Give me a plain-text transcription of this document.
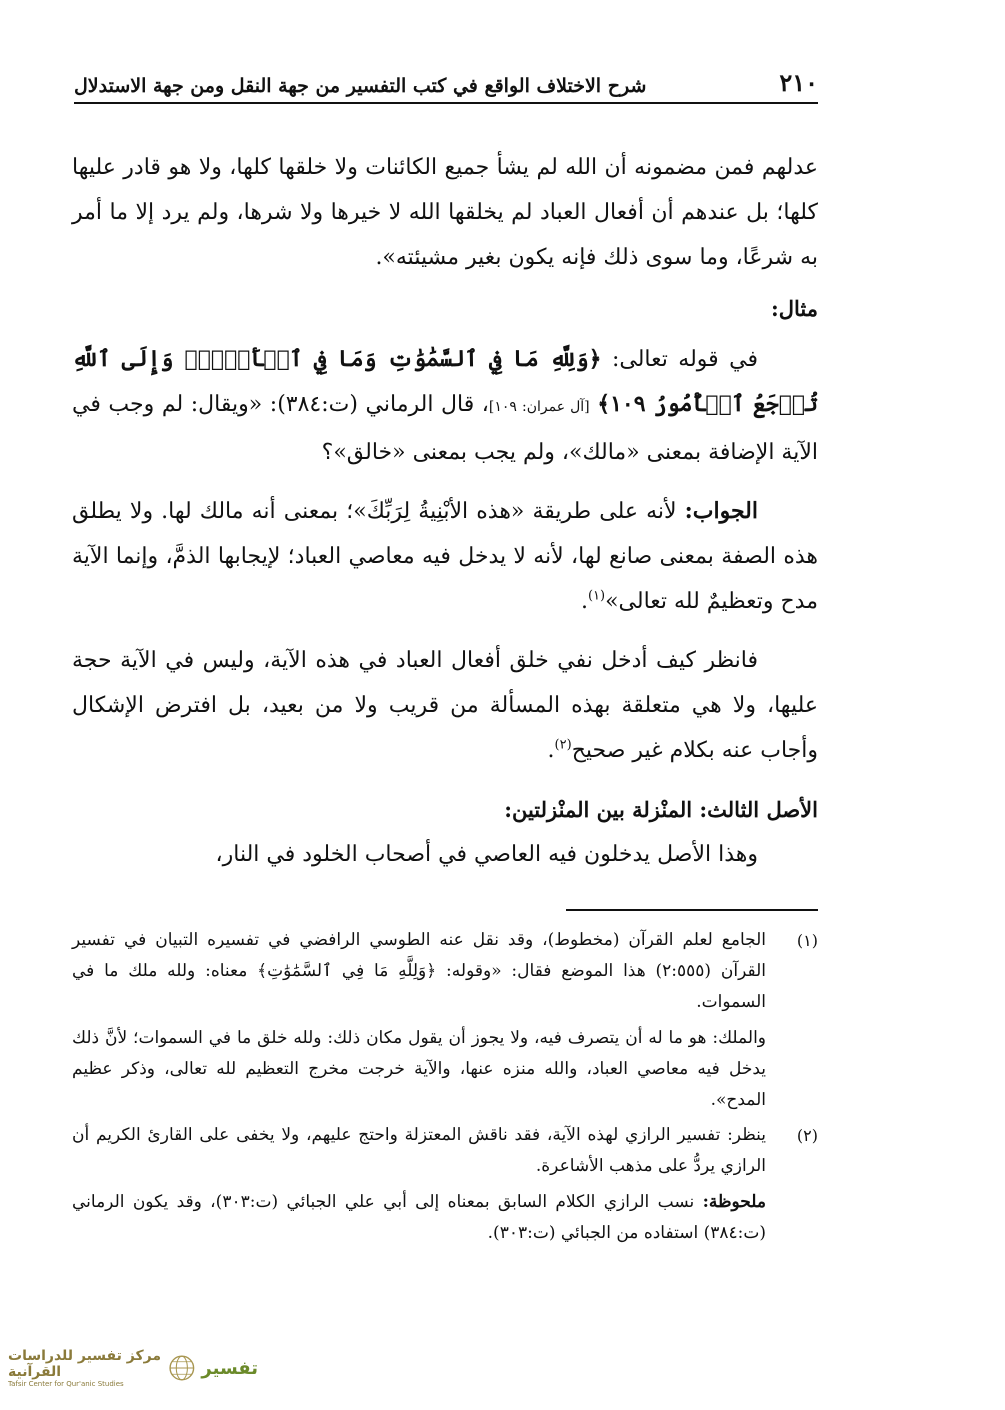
٢١٠
شرح الاختلاف الواقع في كتب التفسير من جهة النقل ومن جهة الاستدلال

عدلهم فمن مضمونه أن الله لم يشأ جميع الكائنات ولا خلقها كلها، ولا هو قادر عليها كلها؛ بل عندهم أن أفعال العباد لم يخلقها الله لا خيرها ولا شرها، ولم يرد إلا ما أمر به شرعًا، وما سوى ذلك فإنه يكون بغير مشيئته».

مثال:

في قوله تعالى: ﴿وَلِلَّهِ مَا فِي ٱلسَّمَٰوَٰتِ وَمَا فِي ٱلۡأَرۡضِۚ وَإِلَى ٱللَّهِ تُرۡجَعُ ٱلۡأُمُورُ ١٠٩﴾ [آل عمران: ١٠٩]، قال الرماني (ت:٣٨٤): «ويقال: لم وجب في الآية الإضافة بمعنى «مالك»، ولم يجب بمعنى «خالق»؟

الجواب: لأنه على طريقة «هذه الأبْنِيةُ لِرَبِّكَ»؛ بمعنى أنه مالك لها. ولا يطلق هذه الصفة بمعنى صانع لها، لأنه لا يدخل فيه معاصي العباد؛ لإيجابها الذمَّ، وإنما الآية مدح وتعظيمٌ لله تعالى»$^{(١)}$.

فانظر كيف أدخل نفي خلق أفعال العباد في هذه الآية، وليس في الآية حجة عليها، ولا هي متعلقة بهذه المسألة من قريب ولا من بعيد، بل افترض الإشكال وأجاب عنه بكلام غير صحيح$^{(٢)}$.

الأصل الثالث: المنْزلة بين المنْزلتين:

وهذا الأصل يدخلون فيه العاصي في أصحاب الخلود في النار،

(١)

الجامع لعلم القرآن (مخطوط)، وقد نقل عنه الطوسي الرافضي في تفسيره التبيان في تفسير القرآن (٢:٥٥٥) هذا الموضع فقال: «وقوله: ﴿وَلِلَّهِ مَا فِي ٱلسَّمَٰوَٰتِ﴾ معناه: ولله ملك ما في السموات.

والملك: هو ما له أن يتصرف فيه، ولا يجوز أن يقول مكان ذلك: ولله خلق ما في السموات؛ لأنَّ ذلك يدخل فيه معاصي العباد، والله منزه عنها، والآية خرجت مخرج التعظيم لله تعالى، وذكر عظيم المدح».

(٢)

ينظر: تفسير الرازي لهذه الآية، فقد ناقش المعتزلة واحتج عليهم، ولا يخفى على القارئ الكريم أن الرازي يردُّ على مذهب الأشاعرة.

ملحوظة: نسب الرازي الكلام السابق بمعناه إلى أبي علي الجبائي (ت:٣٠٣)، وقد يكون الرماني (ت:٣٨٤) استفاده من الجبائي (ت:٣٠٣).

مركز تفسير للدراسات القرآنية
Tafsir Center for Qur'anic Studies
تفسير
